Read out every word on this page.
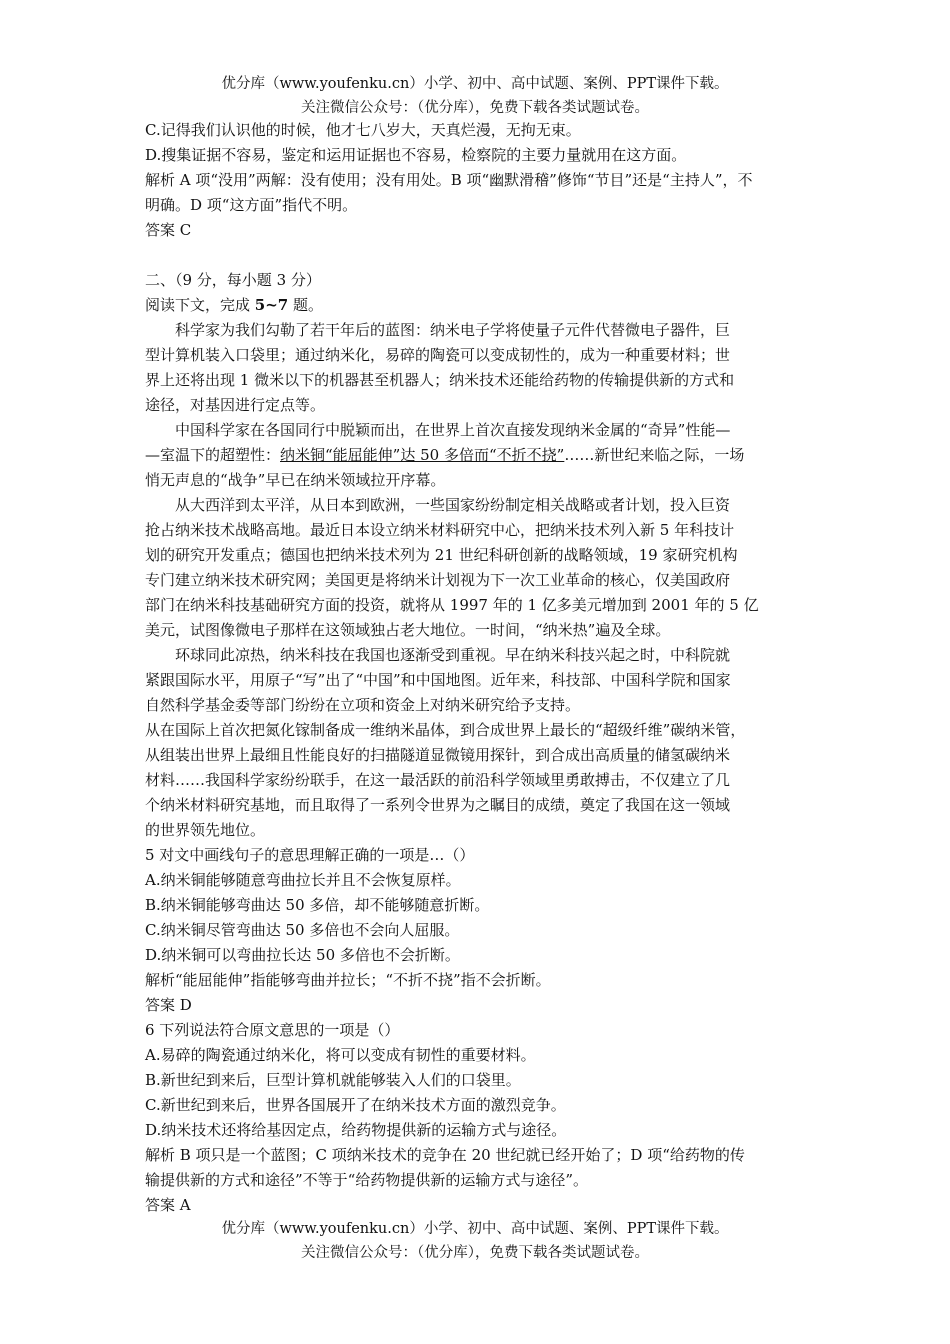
优分库（www.youfenku.cn）小学、初中、高中试题、案例、PPT课件下载。
关注微信公众号：（优分库），免费下载各类试题试卷。
C.记得我们认识他的时候，他才七八岁大，天真烂漫，无拘无束。
D.搜集证据不容易，鉴定和运用证据也不容易，检察院的主要力量就用在这方面。
解析 A 项“没用”两解：没有使用；没有用处。B 项“幽默滑稽”修饰“节目”还是“主持人”，不
明确。D 项“这方面”指代不明。
答案 C
二、（9 分，每小题 3 分）
阅读下文，完成 5~7 题。
科学家为我们勾勒了若干年后的蓝图：纳米电子学将使量子元件代替微电子器件，巨
型计算机装入口袋里；通过纳米化，易碎的陶瓷可以变成韧性的，成为一种重要材料；世
界上还将出现 1 微米以下的机器甚至机器人；纳米技术还能给药物的传输提供新的方式和
途径，对基因进行定点等。
中国科学家在各国同行中脱颖而出，在世界上首次直接发现纳米金属的“奇异”性能—
—室温下的超塑性：纳米铜“能屈能伸”达 50 多倍而“不折不挠”……新世纪来临之际，一场
悄无声息的“战争”早已在纳米领域拉开序幕。
从大西洋到太平洋，从日本到欧洲，一些国家纷纷制定相关战略或者计划，投入巨资
抢占纳米技术战略高地。最近日本设立纳米材料研究中心，把纳米技术列入新 5 年科技计
划的研究开发重点；德国也把纳米技术列为 21 世纪科研创新的战略领域，19 家研究机构
专门建立纳米技术研究网；美国更是将纳米计划视为下一次工业革命的核心，仅美国政府
部门在纳米科技基础研究方面的投资，就将从 1997 年的 1 亿多美元增加到 2001 年的 5 亿
美元，试图像微电子那样在这领域独占老大地位。一时间，“纳米热”遍及全球。
环球同此凉热，纳米科技在我国也逐渐受到重视。早在纳米科技兴起之时，中科院就
紧跟国际水平，用原子“写”出了“中国”和中国地图。近年来，科技部、中国科学院和国家
自然科学基金委等部门纷纷在立项和资金上对纳米研究给予支持。
从在国际上首次把氮化镓制备成一维纳米晶体，到合成世界上最长的“超级纤维”碳纳米管，
从组装出世界上最细且性能良好的扫描隧道显微镜用探针，到合成出高质量的储氢碳纳米
材料……我国科学家纷纷联手，在这一最活跃的前沿科学领域里勇敢搏击，不仅建立了几
个纳米材料研究基地，而且取得了一系列令世界为之瞩目的成绩，奠定了我国在这一领域
的世界领先地位。
5 对文中画线句子的意思理解正确的一项是…（）
A.纳米铜能够随意弯曲拉长并且不会恢复原样。
B.纳米铜能够弯曲达 50 多倍，却不能够随意折断。
C.纳米铜尽管弯曲达 50 多倍也不会向人屈服。
D.纳米铜可以弯曲拉长达 50 多倍也不会折断。
解析“能屈能伸”指能够弯曲并拉长；“不折不挠”指不会折断。
答案 D
6 下列说法符合原文意思的一项是（）
A.易碎的陶瓷通过纳米化，将可以变成有韧性的重要材料。
B.新世纪到来后，巨型计算机就能够装入人们的口袋里。
C.新世纪到来后，世界各国展开了在纳米技术方面的激烈竞争。
D.纳米技术还将给基因定点，给药物提供新的运输方式与途径。
解析 B 项只是一个蓝图；C 项纳米技术的竞争在 20 世纪就已经开始了；D 项“给药物的传
输提供新的方式和途径”不等于“给药物提供新的运输方式与途径”。
答案 A
优分库（www.youfenku.cn）小学、初中、高中试题、案例、PPT课件下载。
关注微信公众号：（优分库），免费下载各类试题试卷。
